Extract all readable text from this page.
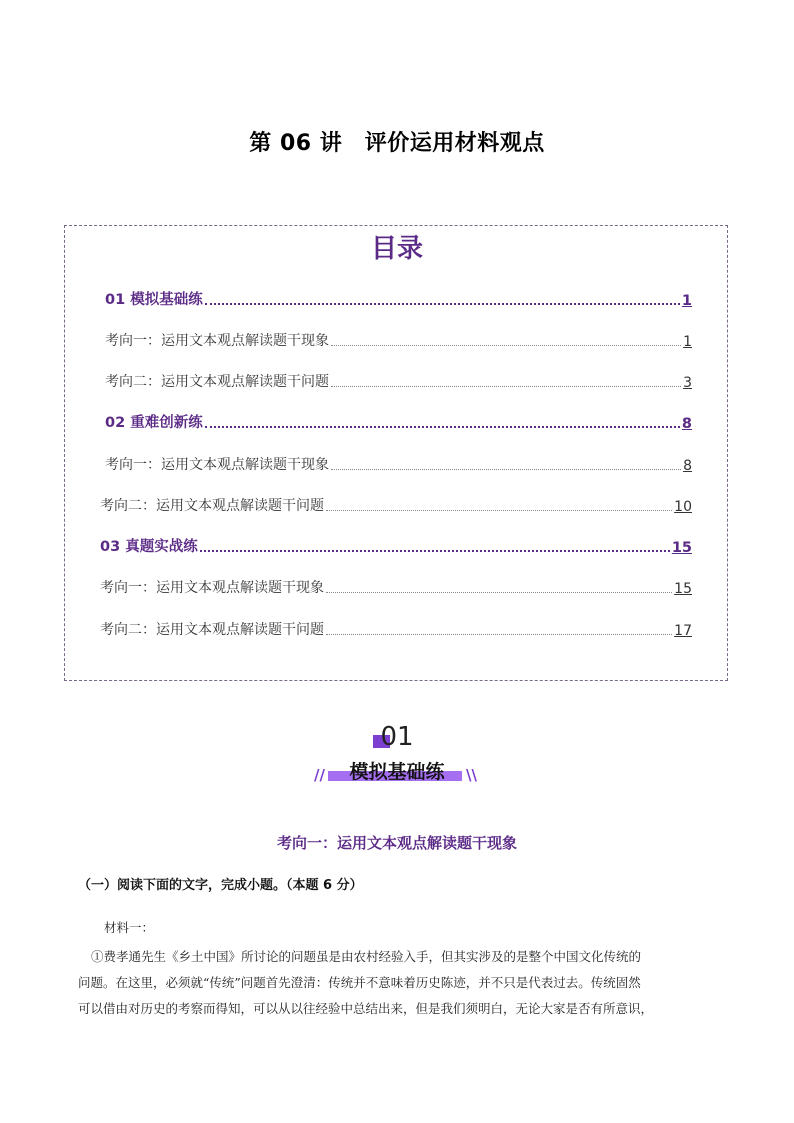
第 06 讲　评价运用材料观点
目录
01 模拟基础练	1
考向一：运用文本观点解读题干现象	1
考向二：运用文本观点解读题干问题	3
02 重难创新练	8
考向一：运用文本观点解读题干现象	8
考向二：运用文本观点解读题干问题	10
03 真题实战练	15
考向一：运用文本观点解读题干现象	15
考向二：运用文本观点解读题干问题	17
01
模拟基础练
//	\\
考向一：运用文本观点解读题干现象
（一）阅读下面的文字，完成小题。（本题 6 分）
材料一：
①费孝通先生《乡土中国》所讨论的问题虽是由农村经验入手，但其实涉及的是整个中国文化传统的
问题。在这里，必须就“传统”问题首先澄清：传统并不意味着历史陈迹，并不只是代表过去。传统固然
可以借由对历史的考察而得知，可以从以往经验中总结出来，但是我们须明白，无论大家是否有所意识，
